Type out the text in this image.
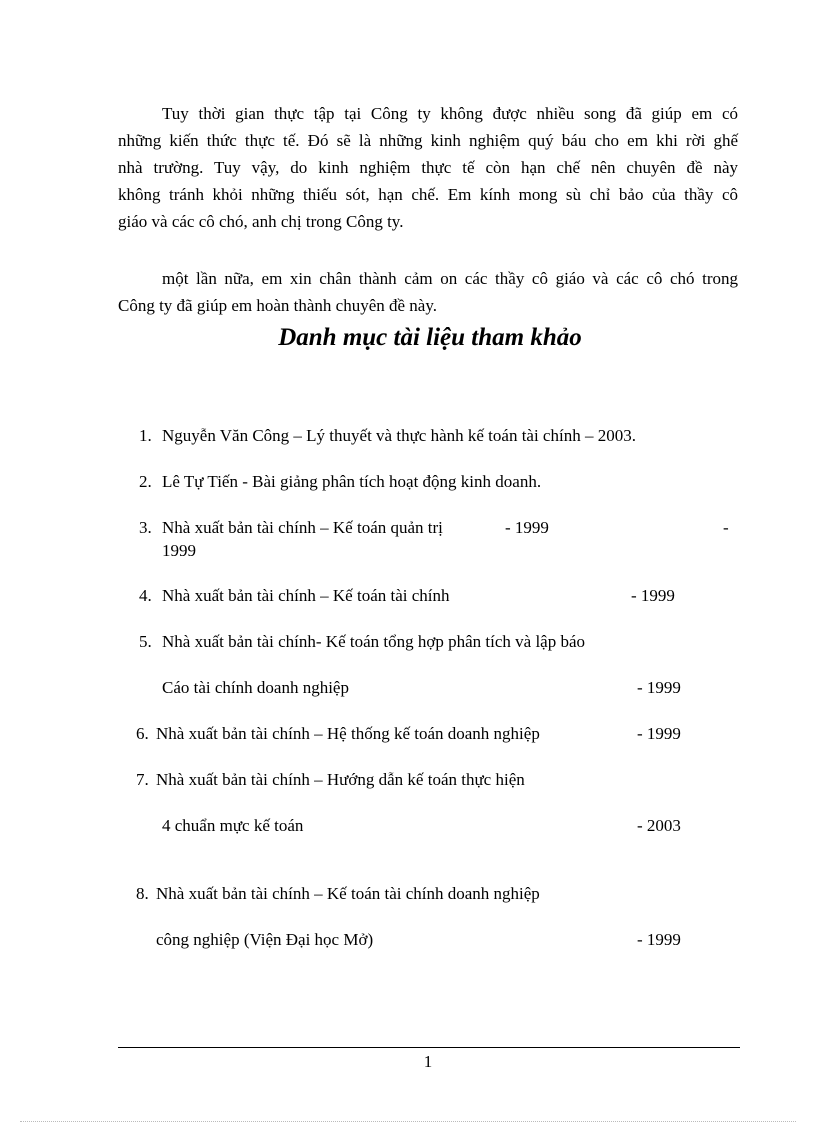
Tuy thời gian thực tập tại Công ty không được nhiều song đã giúp em có
những kiến thức thực tế. Đó sẽ là những kinh nghiệm quý báu cho em khi rời ghế
nhà trường. Tuy vậy, do kinh nghiệm thực tế còn hạn chế nên chuyên đề này
không tránh khỏi những thiếu sót, hạn chế. Em kính mong sù chỉ bảo của thầy cô
giáo và các cô chó, anh chị trong Công ty.
một lần nữa, em xin chân thành cảm on các thầy cô giáo và các cô chó trong
Công ty đã giúp em hoàn thành chuyên đề này.
Danh mục tài liệu tham khảo
1. Nguyễn Văn Công – Lý thuyết và thực hành kế toán tài chính – 2003.
2. Lê Tự Tiến - Bài giảng phân tích hoạt động kinh doanh.
3. Nhà xuất bản tài chính – Kế toán quản trị	- 1999	-
1999
4. Nhà xuất bản tài chính – Kế toán tài chính	- 1999
5. Nhà xuất bản tài chính- Kế toán tổng hợp phân tích và lập báo
Cáo tài chính doanh nghiệp	- 1999
6. Nhà xuất bản tài chính – Hệ thống kế toán doanh nghiệp	- 1999
7. Nhà xuất bản tài chính – Hướng dẫn kế toán thực hiện
4 chuẩn mực kế toán	- 2003
8. Nhà xuất bản tài chính – Kế toán tài chính doanh nghiệp
công nghiệp (Viện Đại học Mở)	- 1999
1
